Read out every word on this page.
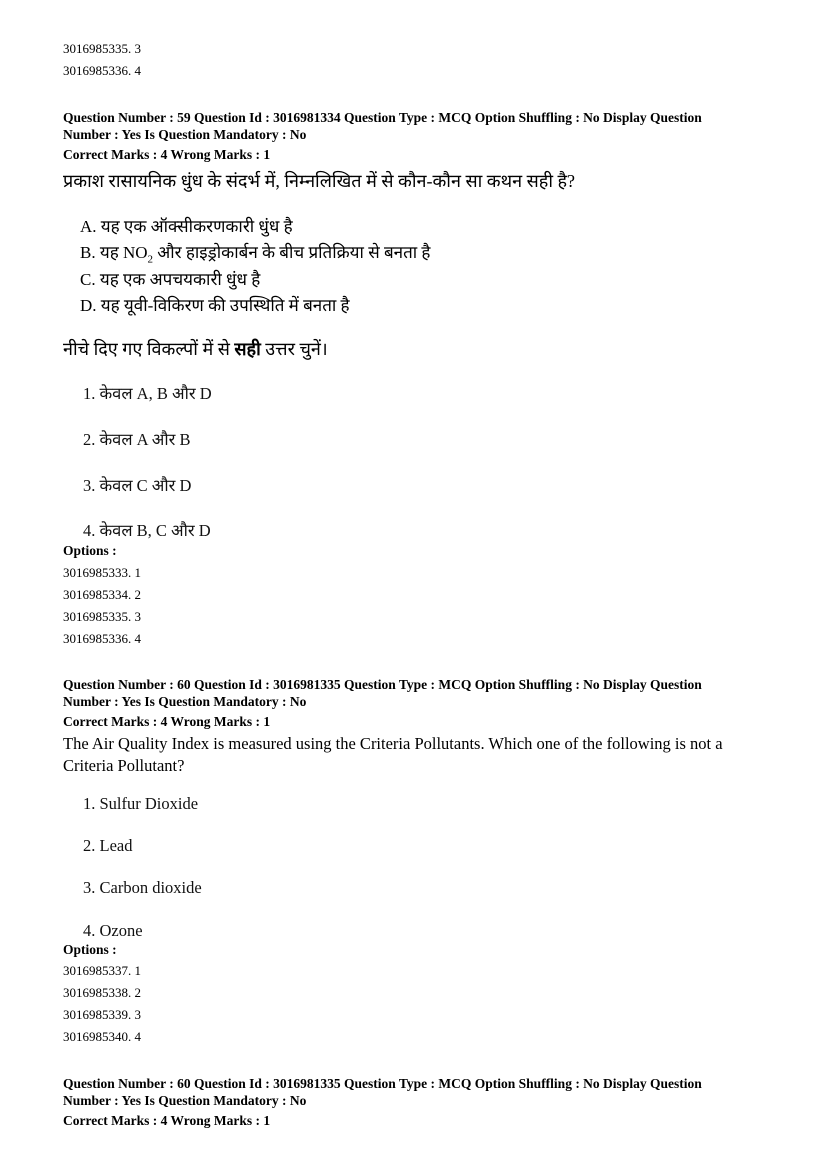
3016985335. 3
3016985336. 4
Question Number : 59 Question Id : 3016981334 Question Type : MCQ Option Shuffling : No Display Question
Number : Yes Is Question Mandatory : No
Correct Marks : 4 Wrong Marks : 1
प्रकाश रासायनिक धुंध के संदर्भ में, निम्नलिखित में से कौन-कौन सा कथन सही है?
A. यह एक ऑक्सीकरणकारी धुंध है
B. यह $NO_2$ और हाइड्रोकार्बन के बीच प्रतिक्रिया से बनता है
C. यह एक अपचयकारी धुंध है
D. यह यूवी-विकिरण की उपस्थिति में बनता है
नीचे दिए गए विकल्पों में से सही उत्तर चुनें।
1. केवल A, B और D
2. केवल A और B
3. केवल C और D
4. केवल B, C और D
Options :
3016985333. 1
3016985334. 2
3016985335. 3
3016985336. 4
Question Number : 60 Question Id : 3016981335 Question Type : MCQ Option Shuffling : No Display Question
Number : Yes Is Question Mandatory : No
Correct Marks : 4 Wrong Marks : 1
The Air Quality Index is measured using the Criteria Pollutants. Which one of the following is not a Criteria Pollutant?
1. Sulfur Dioxide
2. Lead
3. Carbon dioxide
4. Ozone
Options :
3016985337. 1
3016985338. 2
3016985339. 3
3016985340. 4
Question Number : 60 Question Id : 3016981335 Question Type : MCQ Option Shuffling : No Display Question
Number : Yes Is Question Mandatory : No
Correct Marks : 4 Wrong Marks : 1
